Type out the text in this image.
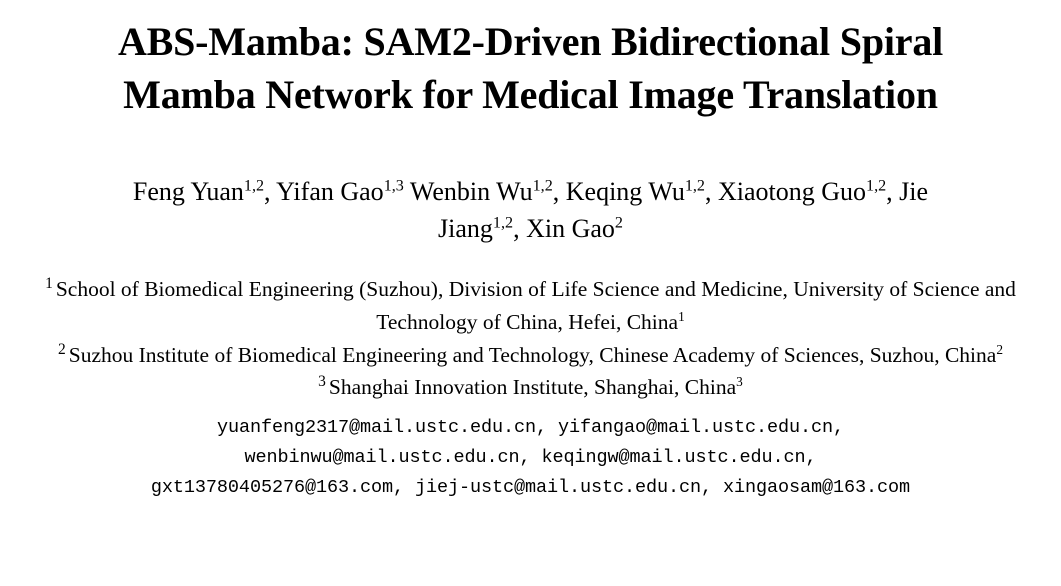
ABS-Mamba: SAM2-Driven Bidirectional Spiral
Mamba Network for Medical Image Translation
Feng Yuan$^{1,2}$, Yifan Gao$^{1,3}$ Wenbin Wu$^{1,2}$, Keqing Wu$^{1,2}$, Xiaotong Guo$^{1,2}$, Jie
Jiang$^{1,2}$, Xin Gao$^2$
$^1$ School of Biomedical Engineering (Suzhou), Division of Life Science and Medicine, University of Science and Technology of China, Hefei, China$^1$
$^2$ Suzhou Institute of Biomedical Engineering and Technology, Chinese Academy of Sciences, Suzhou, China$^2$
$^3$ Shanghai Innovation Institute, Shanghai, China$^3$
yuanfeng2317@mail.ustc.edu.cn, yifangao@mail.ustc.edu.cn,
wenbinwu@mail.ustc.edu.cn, keqingw@mail.ustc.edu.cn,
gxt13780405276@163.com, jiej-ustc@mail.ustc.edu.cn, xingaosam@163.com
